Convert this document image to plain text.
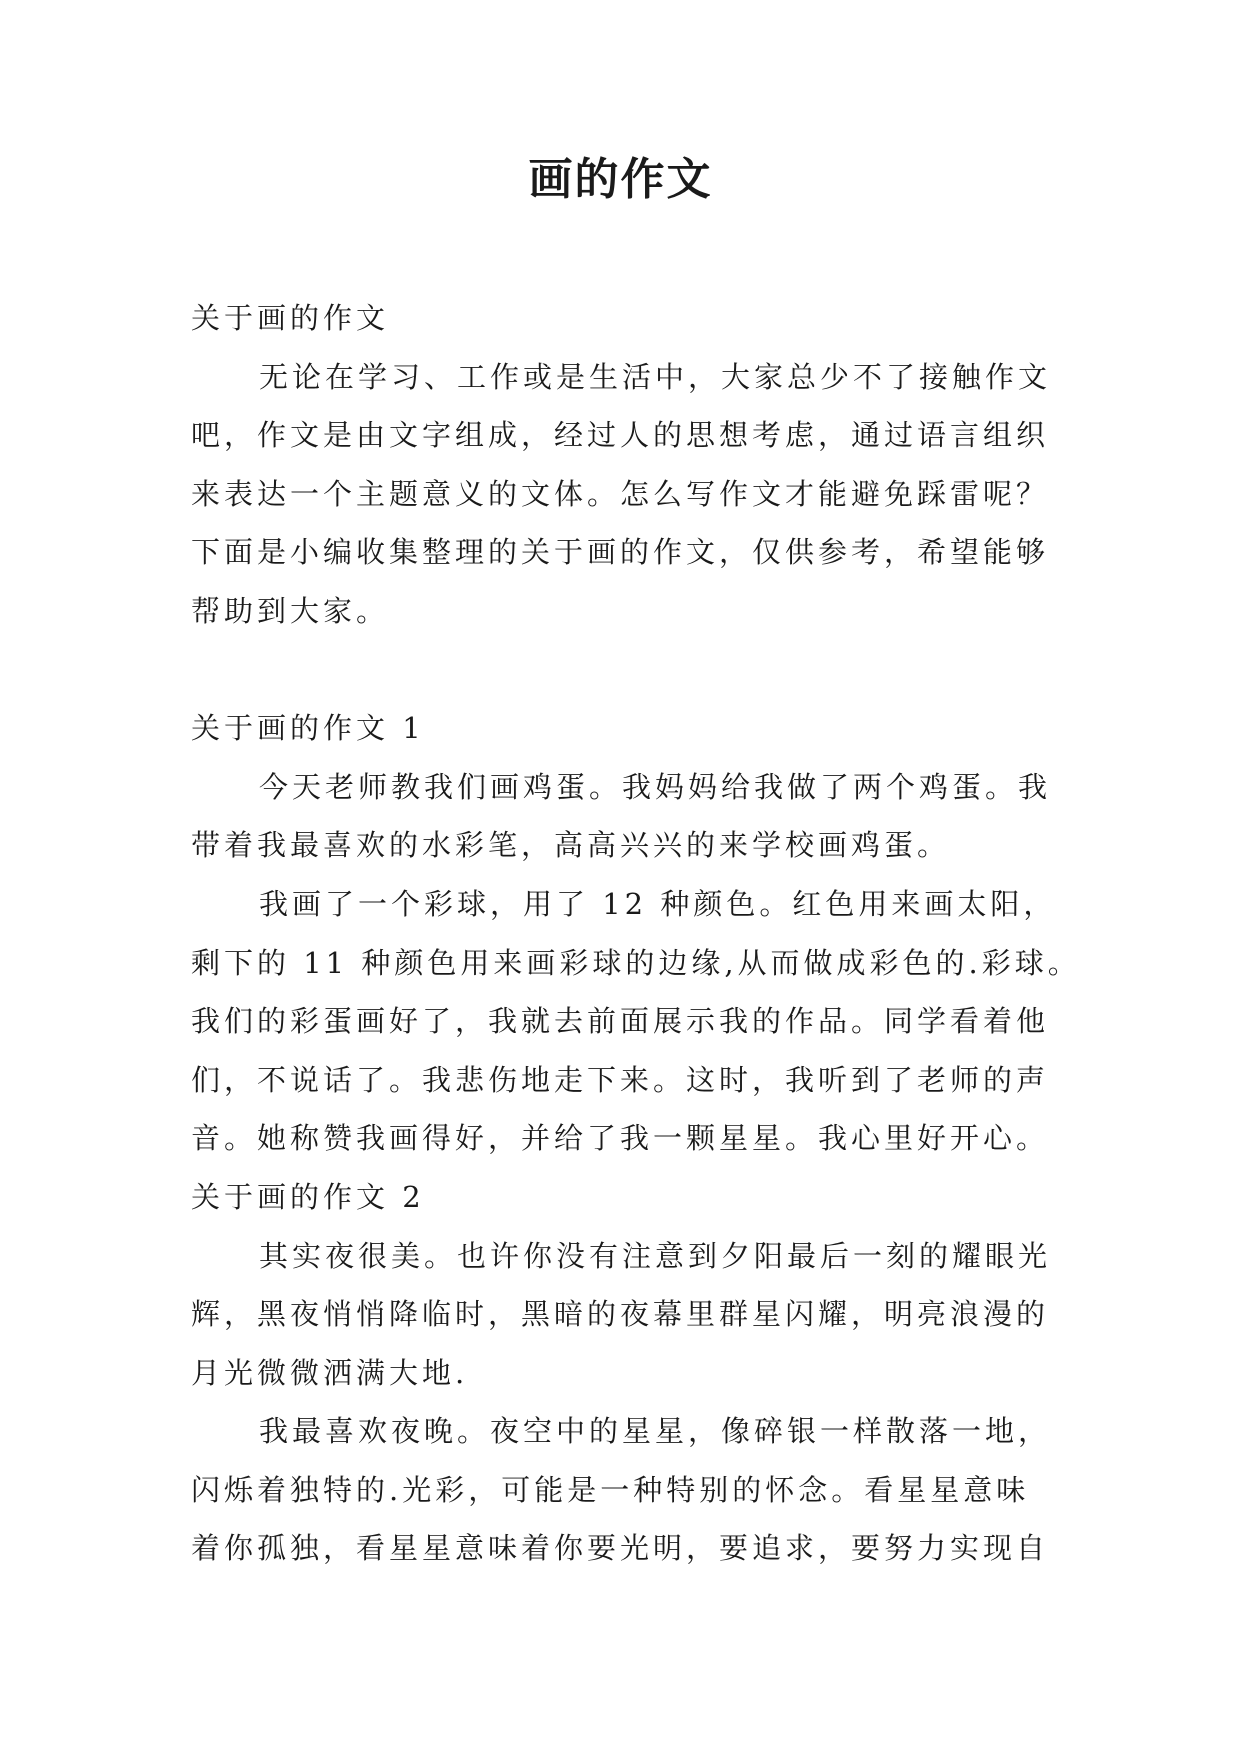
画的作文
关于画的作文
无论在学习、工作或是生活中，大家总少不了接触作文
吧，作文是由文字组成，经过人的思想考虑，通过语言组织
来表达一个主题意义的文体。怎么写作文才能避免踩雷呢？
下面是小编收集整理的关于画的作文，仅供参考，希望能够
帮助到大家。
关于画的作文 1
今天老师教我们画鸡蛋。我妈妈给我做了两个鸡蛋。我
带着我最喜欢的水彩笔，高高兴兴的来学校画鸡蛋。
我画了一个彩球，用了 12 种颜色。红色用来画太阳，
剩下的 11 种颜色用来画彩球的边缘,从而做成彩色的.彩球。
我们的彩蛋画好了，我就去前面展示我的作品。同学看着他
们，不说话了。我悲伤地走下来。这时，我听到了老师的声
音。她称赞我画得好，并给了我一颗星星。我心里好开心。
关于画的作文 2
其实夜很美。也许你没有注意到夕阳最后一刻的耀眼光
辉，黑夜悄悄降临时，黑暗的夜幕里群星闪耀，明亮浪漫的
月光微微洒满大地.
我最喜欢夜晚。夜空中的星星，像碎银一样散落一地，
闪烁着独特的.光彩，可能是一种特别的怀念。看星星意味
着你孤独，看星星意味着你要光明，要追求，要努力实现自
